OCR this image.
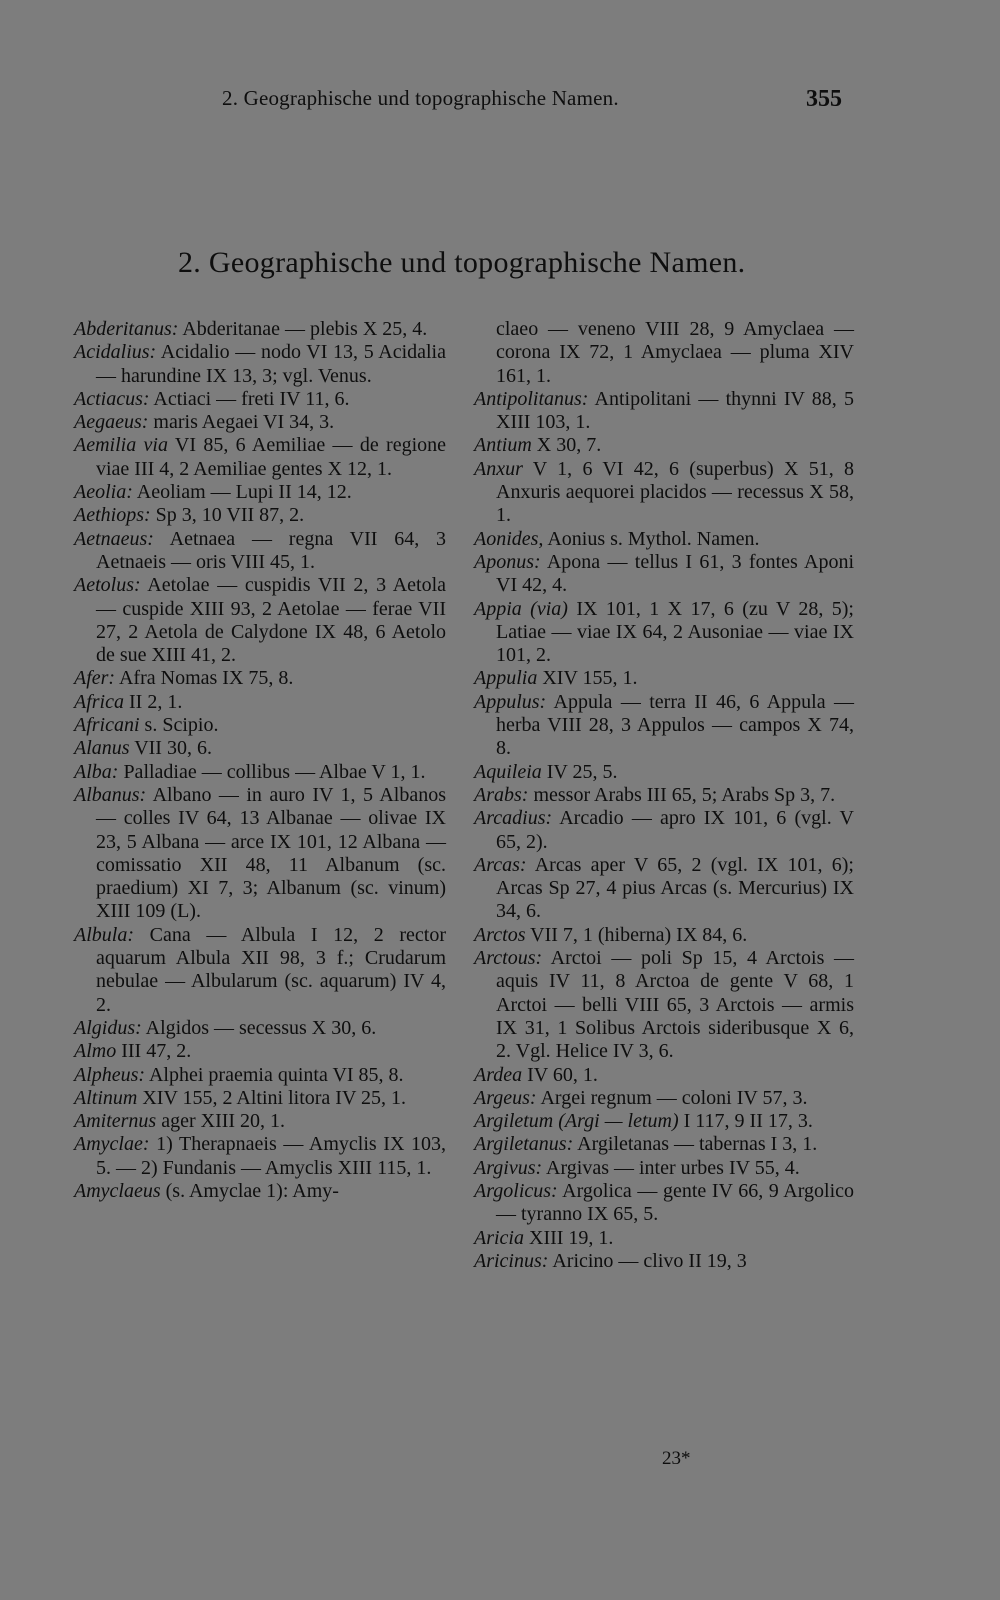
2. Geographische und topographische Namen.	355
2. Geographische und topographische Namen.
Abderitanus: Abderitanae — plebis X 25, 4.
Acidalius: Acidalio — nodo VI 13, 5 Acidalia — harundine IX 13, 3; vgl. Venus.
Actiacus: Actiaci — freti IV 11, 6.
Aegaeus: maris Aegaei VI 34, 3.
Aemilia via VI 85, 6 Aemiliae — de regione viae III 4, 2 Aemiliae gentes X 12, 1.
Aeolia: Aeoliam — Lupi II 14, 12.
Aethiops: Sp 3, 10 VII 87, 2.
Aetnaeus: Aetnaea — regna VII 64, 3 Aetnaeis — oris VIII 45, 1.
Aetolus: Aetolae — cuspidis VII 2, 3 Aetola — cuspide XIII 93, 2 Aetolae — ferae VII 27, 2 Aetola de Calydone IX 48, 6 Aetolo de sue XIII 41, 2.
Afer: Afra Nomas IX 75, 8.
Africa II 2, 1.
Africani s. Scipio.
Alanus VII 30, 6.
Alba: Palladiae — collibus — Albae V 1, 1.
Albanus: Albano — in auro IV 1, 5 Albanos — colles IV 64, 13 Albanae — olivae IX 23, 5 Albana — arce IX 101, 12 Albana — comissatio XII 48, 11 Albanum (sc. praedium) XI 7, 3; Albanum (sc. vinum) XIII 109 (L).
Albula: Cana — Albula I 12, 2 rector aquarum Albula XII 98, 3 f.; Crudarum nebulae — Albularum (sc. aquarum) IV 4, 2.
Algidus: Algidos — secessus X 30, 6.
Almo III 47, 2.
Alpheus: Alphei praemia quinta VI 85, 8.
Altinum XIV 155, 2 Altini litora IV 25, 1.
Amiternus ager XIII 20, 1.
Amyclae: 1) Therapnaeis — Amyclis IX 103, 5. — 2) Fundanis — Amyclis XIII 115, 1.
Amyclaeus (s. Amyclae 1): Amy-
claeo — veneno VIII 28, 9 Amyclaea — corona IX 72, 1 Amyclaea — pluma XIV 161, 1.
Antipolitanus: Antipolitani — thynni IV 88, 5 XIII 103, 1.
Antium X 30, 7.
Anxur V 1, 6 VI 42, 6 (superbus) X 51, 8 Anxuris aequorei placidos — recessus X 58, 1.
Aonides, Aonius s. Mythol. Namen.
Aponus: Apona — tellus I 61, 3 fontes Aponi VI 42, 4.
Appia (via) IX 101, 1 X 17, 6 (zu V 28, 5); Latiae — viae IX 64, 2 Ausoniae — viae IX 101, 2.
Appulia XIV 155, 1.
Appulus: Appula — terra II 46, 6 Appula — herba VIII 28, 3 Appulos — campos X 74, 8.
Aquileia IV 25, 5.
Arabs: messor Arabs III 65, 5; Arabs Sp 3, 7.
Arcadius: Arcadio — apro IX 101, 6 (vgl. V 65, 2).
Arcas: Arcas aper V 65, 2 (vgl. IX 101, 6); Arcas Sp 27, 4 pius Arcas (s. Mercurius) IX 34, 6.
Arctos VII 7, 1 (hiberna) IX 84, 6.
Arctous: Arctoi — poli Sp 15, 4 Arctois — aquis IV 11, 8 Arctoa de gente V 68, 1 Arctoi — belli VIII 65, 3 Arctois — armis IX 31, 1 Solibus Arctois sideribusque X 6, 2. Vgl. Helice IV 3, 6.
Ardea IV 60, 1.
Argeus: Argei regnum — coloni IV 57, 3.
Argiletum (Argi — letum) I 117, 9 II 17, 3.
Argiletanus: Argiletanas — tabernas I 3, 1.
Argivus: Argivas — inter urbes IV 55, 4.
Argolicus: Argolica — gente IV 66, 9 Argolico — tyranno IX 65, 5.
Aricia XIII 19, 1.
Aricinus: Aricino — clivo II 19, 3
23*
